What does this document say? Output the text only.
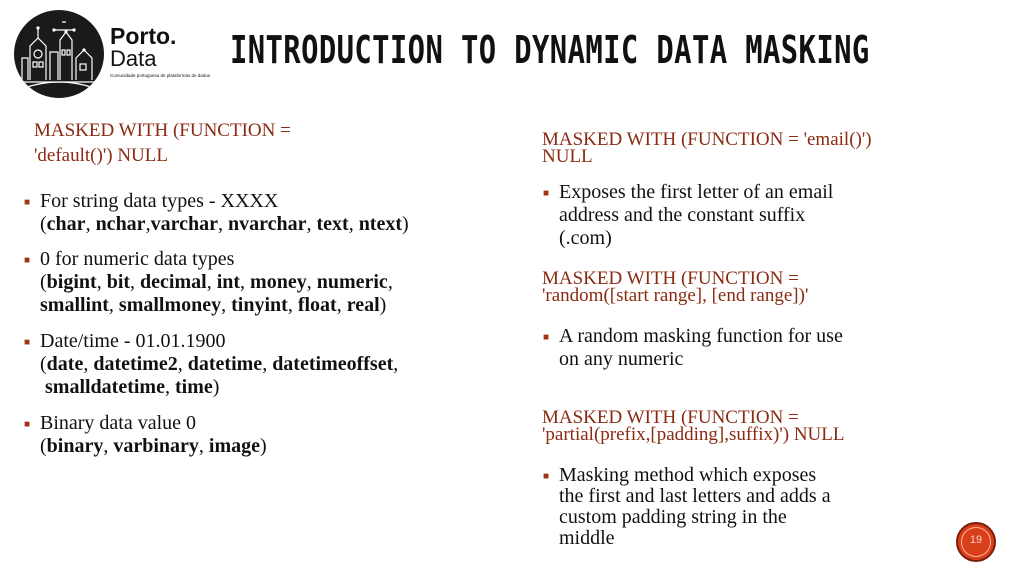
Porto.
Data
Comunidade portuguesa de plataformas de dados
INTRODUCTION TO DYNAMIC DATA MASKING
MASKED WITH (FUNCTION =
'default()') NULL
■ For string data types - XXXX
(char, nchar,varchar, nvarchar, text, ntext)
■ 0 for numeric data types
(bigint, bit, decimal, int, money, numeric,
smallint, smallmoney, tinyint, float, real)
■ Date/time - 01.01.1900
(date, datetime2, datetime, datetimeoffset,
smalldatetime, time)
■ Binary data value 0
(binary, varbinary, image)
MASKED WITH (FUNCTION = 'email()')
NULL
■ Exposes the first letter of an email
address and the constant suffix
(.com)
MASKED WITH (FUNCTION =
'random([start range], [end range])'
■ A random masking function for use
on any numeric
MASKED WITH (FUNCTION =
'partial(prefix,[padding],suffix)') NULL
■ Masking method which exposes
the first and last letters and adds a
custom padding string in the
middle	19
